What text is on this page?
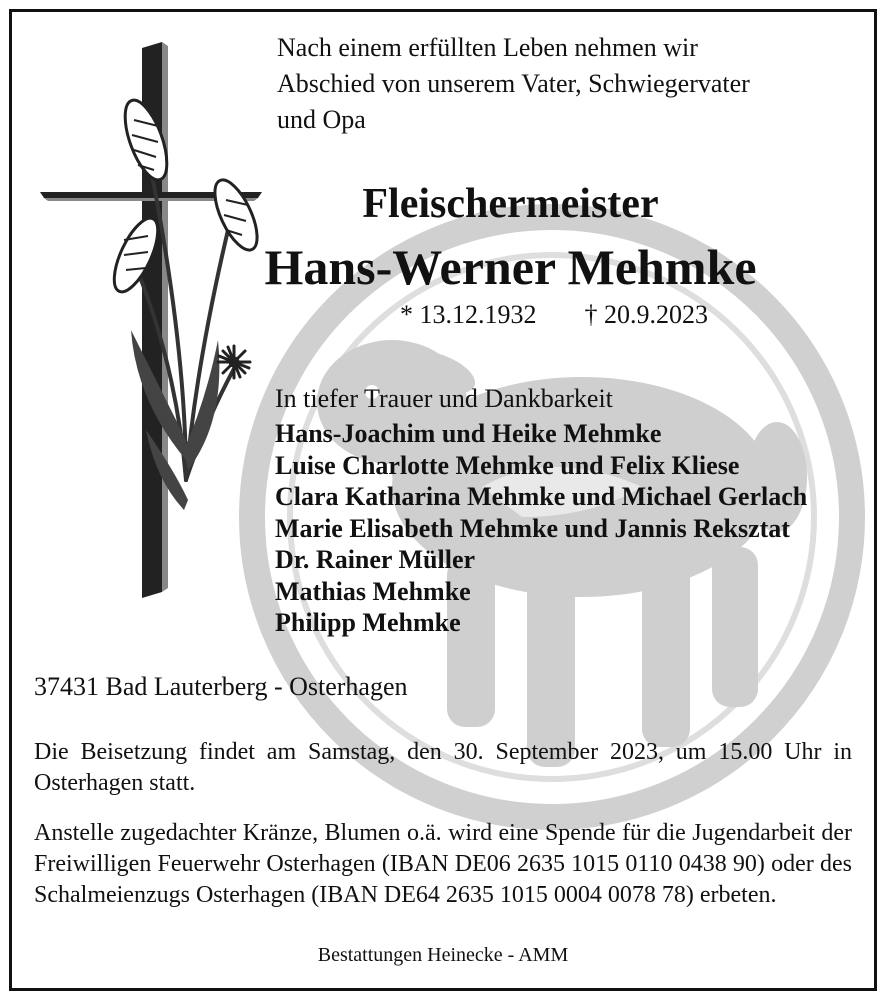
Nach einem erfüllten Leben nehmen wir
Abschied von unserem Vater, Schwiegervater
und Opa
Fleischermeister
Hans-Werner Mehmke
* 13.12.1932 † 20.9.2023
In tiefer Trauer und Dankbarkeit
Hans-Joachim und Heike Mehmke
Luise Charlotte Mehmke und Felix Kliese
Clara Katharina Mehmke und Michael Gerlach
Marie Elisabeth Mehmke und Jannis Reksztat
Dr. Rainer Müller
Mathias Mehmke
Philipp Mehmke
37431 Bad Lauterberg - Osterhagen

Die Beisetzung findet am Samstag, den 30. September 2023, um 15.00 Uhr in Osterhagen statt.

Anstelle zugedachter Kränze, Blumen o.ä. wird eine Spende für die Jugendarbeit der Freiwilligen Feuerwehr Osterhagen (IBAN DE06 2635 1015 0110 0438 90) oder des Schalmeienzugs Osterhagen (IBAN DE64 2635 1015 0004 0078 78) erbeten.

Bestattungen Heinecke - AMM
